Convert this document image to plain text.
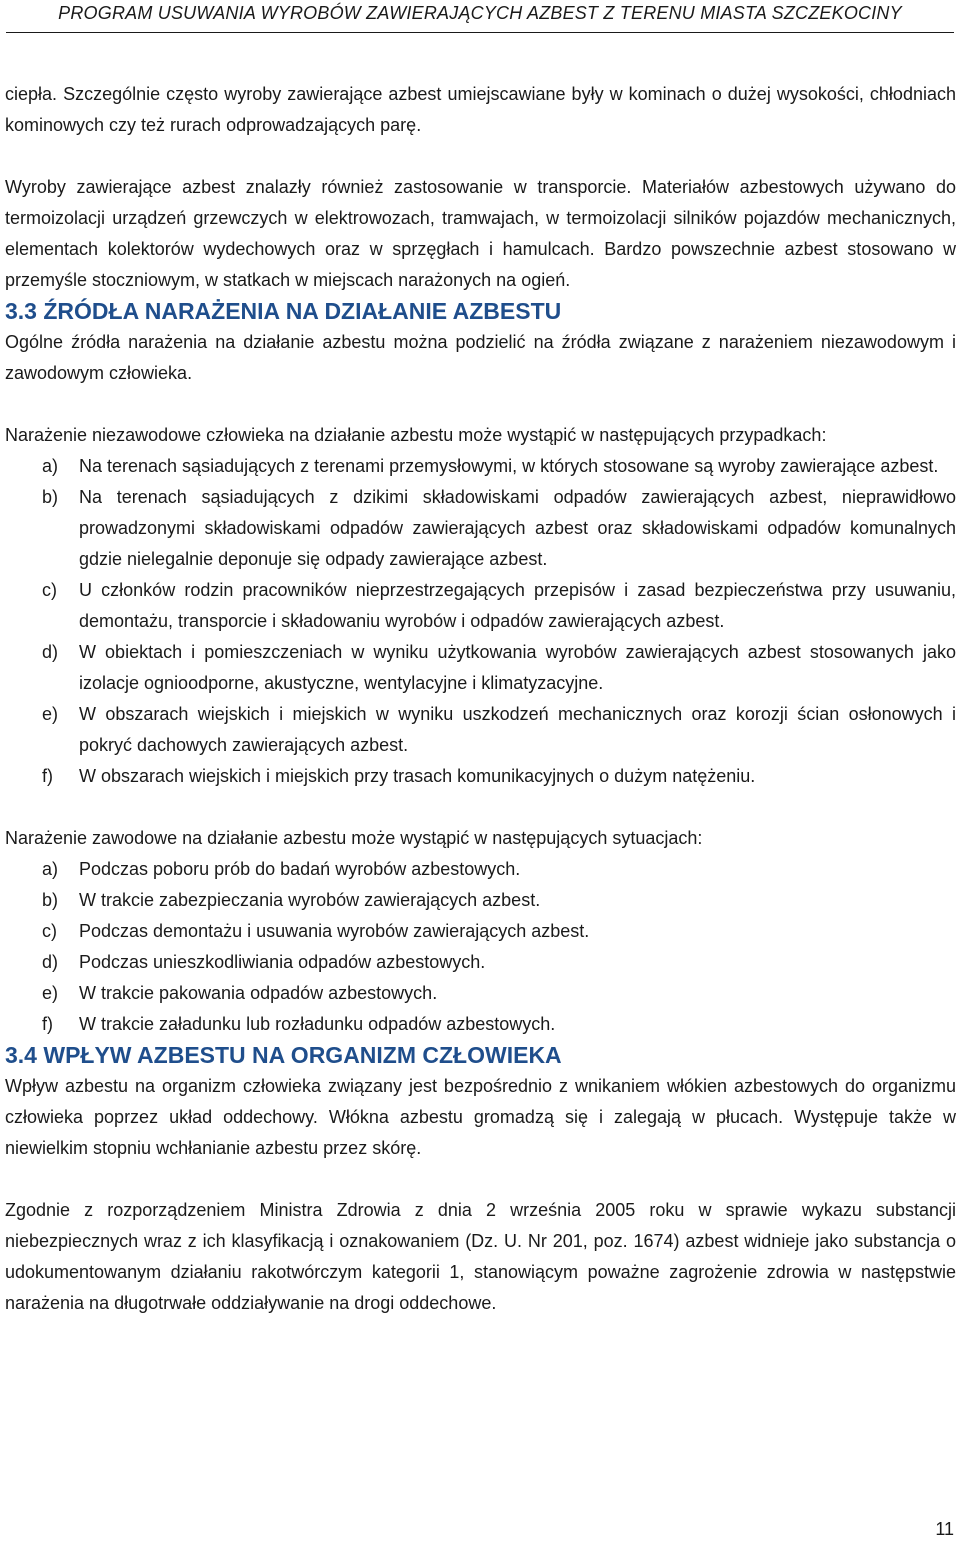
PROGRAM USUWANIA WYROBÓW ZAWIERAJĄCYCH AZBEST Z TERENU MIASTA SZCZEKOCINY

ciepła. Szczególnie często wyroby zawierające azbest umiejscawiane były w kominach o dużej wysokości, chłodniach kominowych czy też rurach odprowadzających parę.

Wyroby zawierające azbest znalazły również zastosowanie w transporcie. Materiałów azbestowych używano do termoizolacji urządzeń grzewczych w elektrowozach, tramwajach, w termoizolacji silników pojazdów mechanicznych, elementach kolektorów wydechowych oraz w sprzęgłach i hamulcach. Bardzo powszechnie azbest stosowano w przemyśle stoczniowym, w statkach w miejscach narażonych na ogień.

3.3 ŹRÓDŁA NARAŻENIA NA DZIAŁANIE AZBESTU

Ogólne źródła narażenia na działanie azbestu można podzielić na źródła związane z narażeniem niezawodowym i zawodowym człowieka.

Narażenie niezawodowe człowieka na działanie azbestu może wystąpić w następujących przypadkach:

a) Na terenach sąsiadujących z terenami przemysłowymi, w których stosowane są wyroby zawierające azbest.
b) Na terenach sąsiadujących z dzikimi składowiskami odpadów zawierających azbest, nieprawidłowo prowadzonymi składowiskami odpadów zawierających azbest oraz składowiskami odpadów komunalnych gdzie nielegalnie deponuje się odpady zawierające azbest.
c) U członków rodzin pracowników nieprzestrzegających przepisów i zasad bezpieczeństwa przy usuwaniu, demontażu, transporcie i składowaniu wyrobów i odpadów zawierających azbest.
d) W obiektach i pomieszczeniach w wyniku użytkowania wyrobów zawierających azbest stosowanych jako izolacje ognioodporne, akustyczne, wentylacyjne i klimatyzacyjne.
e) W obszarach wiejskich i miejskich w wyniku uszkodzeń mechanicznych oraz korozji ścian osłonowych i pokryć dachowych zawierających azbest.
f) W obszarach wiejskich i miejskich przy trasach komunikacyjnych o dużym natężeniu.

Narażenie zawodowe na działanie azbestu może wystąpić w następujących sytuacjach:

a) Podczas poboru prób do badań wyrobów azbestowych.
b) W trakcie zabezpieczania wyrobów zawierających azbest.
c) Podczas demontażu i usuwania wyrobów zawierających azbest.
d) Podczas unieszkodliwiania odpadów azbestowych.
e) W trakcie pakowania odpadów azbestowych.
f) W trakcie załadunku lub rozładunku odpadów azbestowych.
3.4 WPŁYW AZBESTU NA ORGANIZM CZŁOWIEKA

Wpływ azbestu na organizm człowieka związany jest bezpośrednio z wnikaniem włókien azbestowych do organizmu człowieka poprzez układ oddechowy. Włókna azbestu gromadzą się i zalegają w płucach. Występuje także w niewielkim stopniu wchłanianie azbestu przez skórę.

Zgodnie z rozporządzeniem Ministra Zdrowia z dnia 2 września 2005 roku w sprawie wykazu substancji niebezpiecznych wraz z ich klasyfikacją i oznakowaniem (Dz. U. Nr 201, poz. 1674) azbest widnieje jako substancja o udokumentowanym działaniu rakotwórczym kategorii 1, stanowiącym poważne zagrożenie zdrowia w następstwie narażenia na długotrwałe oddziaływanie na drogi oddechowe.

11
